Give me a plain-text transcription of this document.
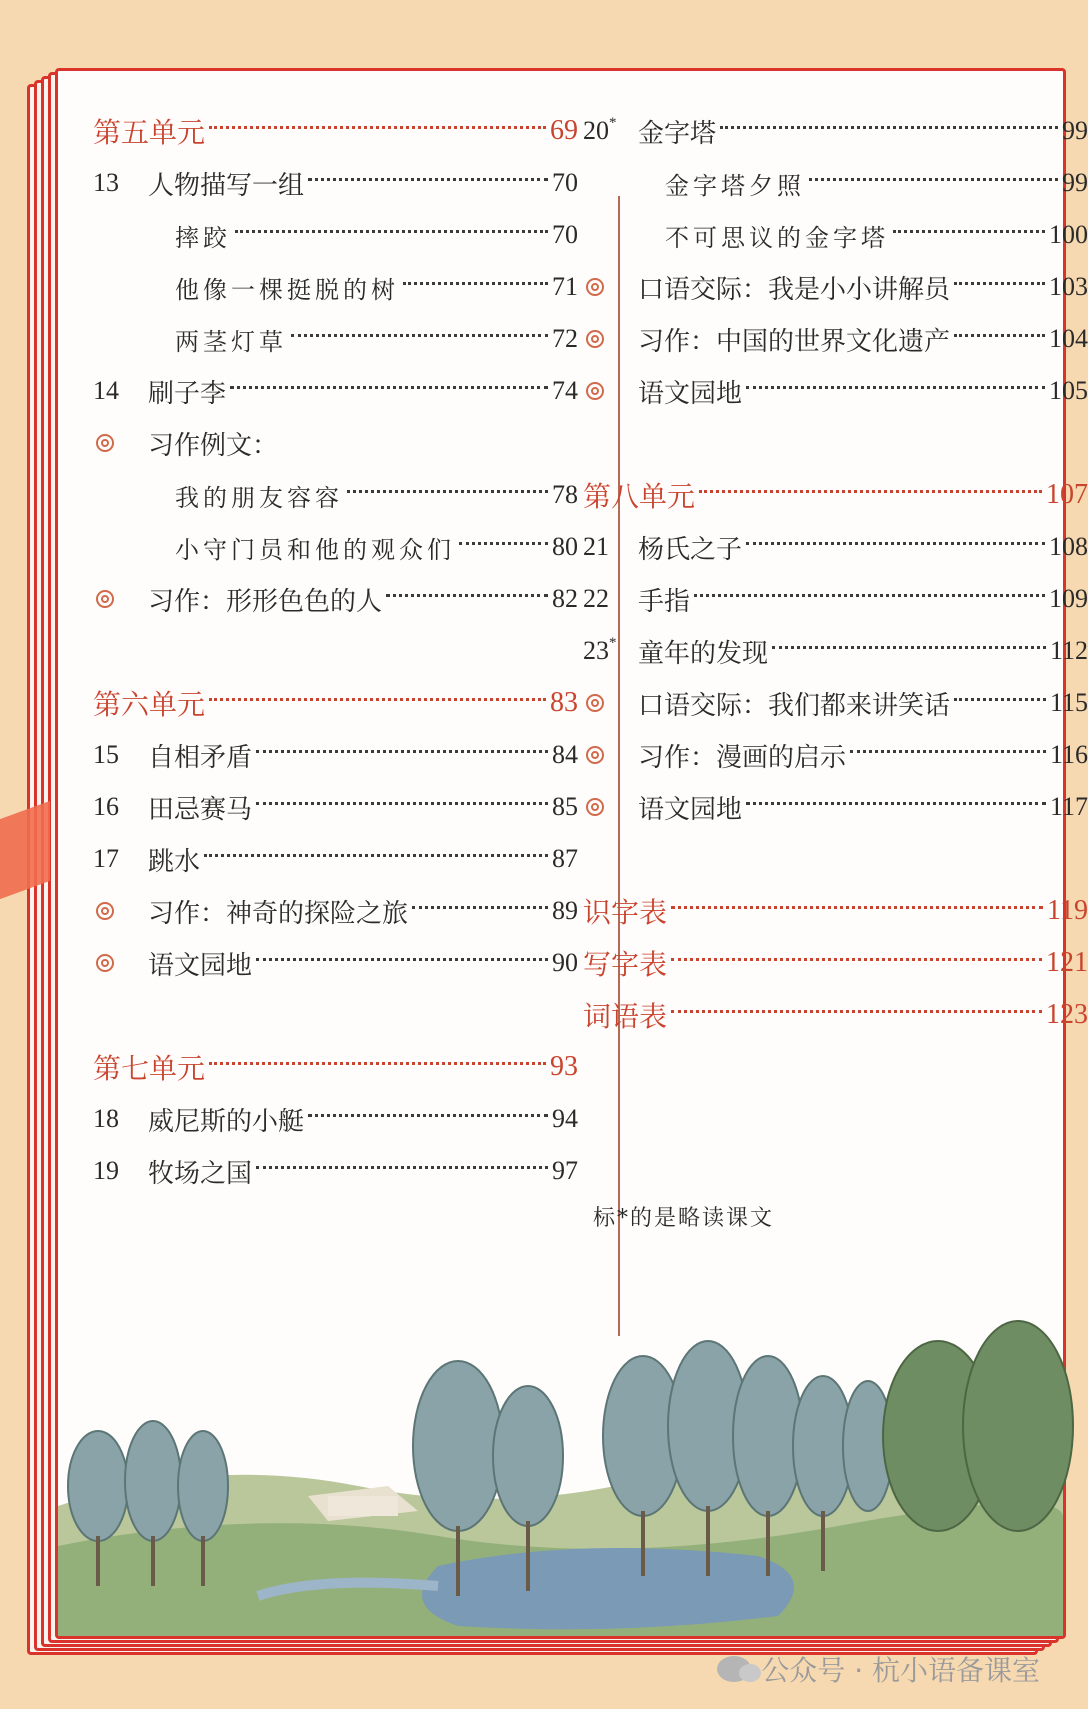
第五单元	69
13	人物描写一组	70
摔跤	70
他像一棵挺脱的树	71
两茎灯草	72
14	刷子李	74
习作例文：
我的朋友容容	78
小守门员和他的观众们	80
习作：形形色色的人	82
第六单元	83
15	自相矛盾	84
16	田忌赛马	85
17	跳水	87
习作：神奇的探险之旅	89
语文园地	90
第七单元	93
18	威尼斯的小艇	94
19	牧场之国	97
20* 金字塔	99
金字塔夕照	99
不可思议的金字塔	100
口语交际：我是小小讲解员	103
习作：中国的世界文化遗产	104
语文园地	105
第八单元	107
21	杨氏之子	108
22	手指	109
23* 童年的发现	112
口语交际：我们都来讲笑话	115
习作：漫画的启示	116
语文园地	117
识字表	119
写字表	121
词语表	123
标*的是略读课文
公众号 · 杭小语备课室
